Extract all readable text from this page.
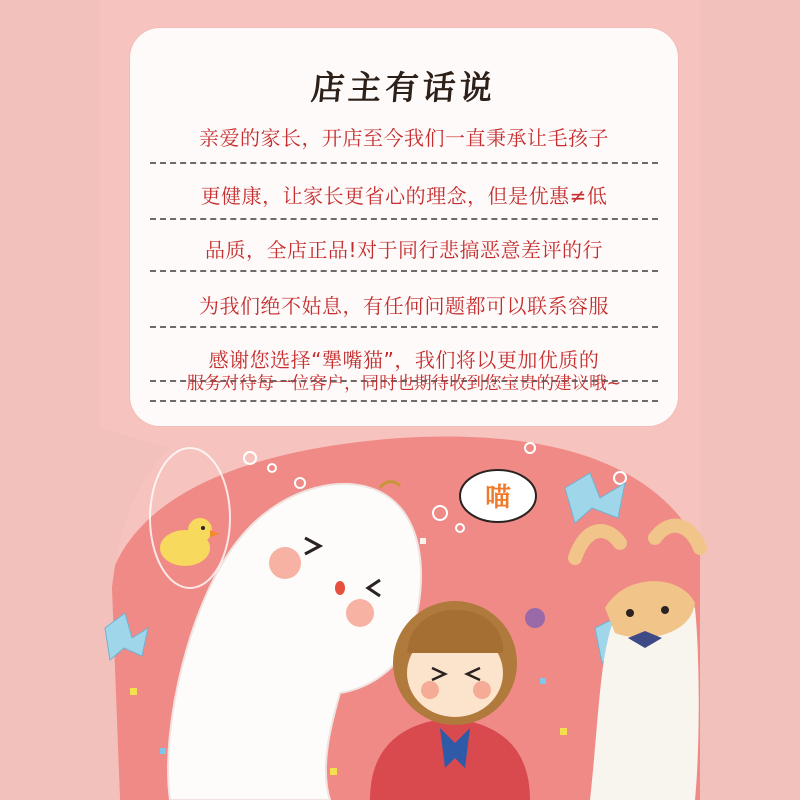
店主有话说
亲爱的家长，开店至今我们一直秉承让毛孩子
更健康，让家长更省心的理念，但是优惠≠低
品质，全店正品!对于同行悲搞恶意差评的行
为我们绝不姑息，有任何问题都可以联系容服
感谢您选择“犟嘴猫”，我们将以更加优质的
服务对待每一位客户，同时也期待收到您宝贵的建议哦~
喵
